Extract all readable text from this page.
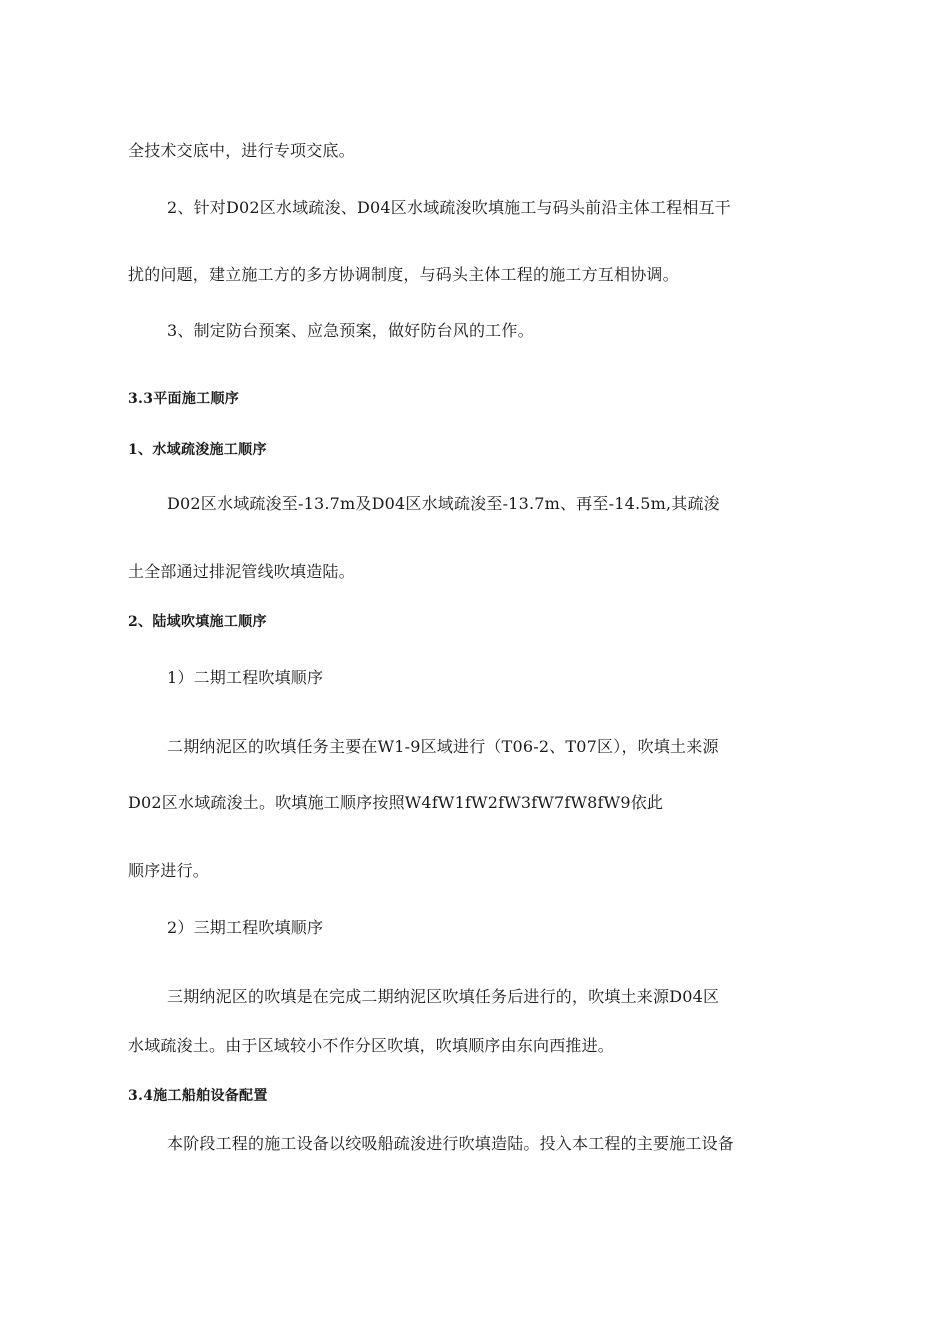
全技术交底中，进行专项交底。
2、针对D02区水域疏浚、D04区水域疏浚吹填施工与码头前沿主体工程相互干
扰的问题，建立施工方的多方协调制度，与码头主体工程的施工方互相协调。
3、制定防台预案、应急预案，做好防台风的工作。
3.3平面施工顺序
1、水域疏浚施工顺序
D02区水域疏浚至-13.7m及D04区水域疏浚至-13.7m、再至-14.5m,其疏浚
土全部通过排泥管线吹填造陆。
2、陆域吹填施工顺序
1）二期工程吹填顺序
二期纳泥区的吹填任务主要在W1-9区域进行（T06-2、T07区），吹填土来源
D02区水域疏浚土。吹填施工顺序按照W4fW1fW2fW3fW7fW8fW9依此
顺序进行。
2）三期工程吹填顺序
三期纳泥区的吹填是在完成二期纳泥区吹填任务后进行的，吹填土来源D04区
水域疏浚土。由于区域较小不作分区吹填，吹填顺序由东向西推进。
3.4施工船舶设备配置
本阶段工程的施工设备以绞吸船疏浚进行吹填造陆。投入本工程的主要施工设备
